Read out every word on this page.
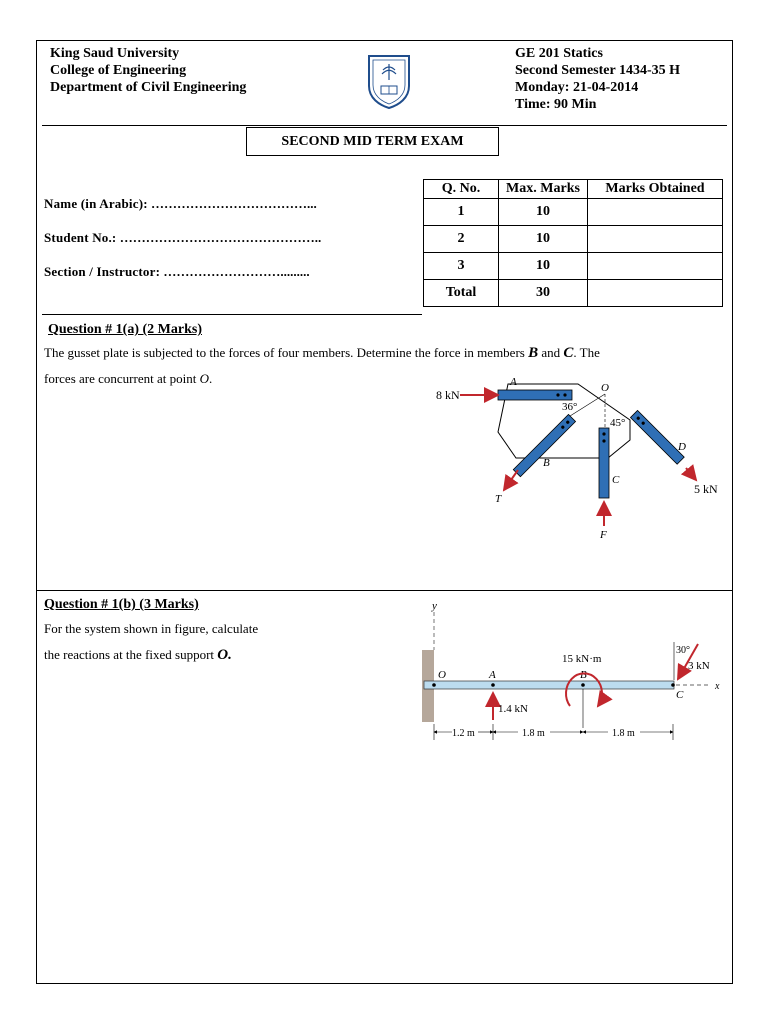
King Saud University
College of Engineering
Department of Civil Engineering
GE 201 Statics
Second Semester 1434-35 H
Monday: 21-04-2014
Time: 90 Min
SECOND MID TERM EXAM
Name (in Arabic): ………………………………...
Student No.: ………………………………………..
Section / Instructor: ……………………….........
Q. No.	Max. Marks	Marks Obtained
1	10	
2	10	
3	10	
Total	30	
Question # 1(a) (2 Marks)
The gusset plate is subjected to the forces of four members. Determine the force in members B and C. The
forces are concurrent at point O.
8 kN
A	O
36°
45°
B
T
C
F
D
5 kN
Question # 1(b) (3 Marks)
For the system shown in figure, calculate
the reactions at the fixed support O.
y
x
O	A	B
C
1.4 kN
15 kN·m
30°
3 kN
1.2 m	1.8 m	1.8 m
